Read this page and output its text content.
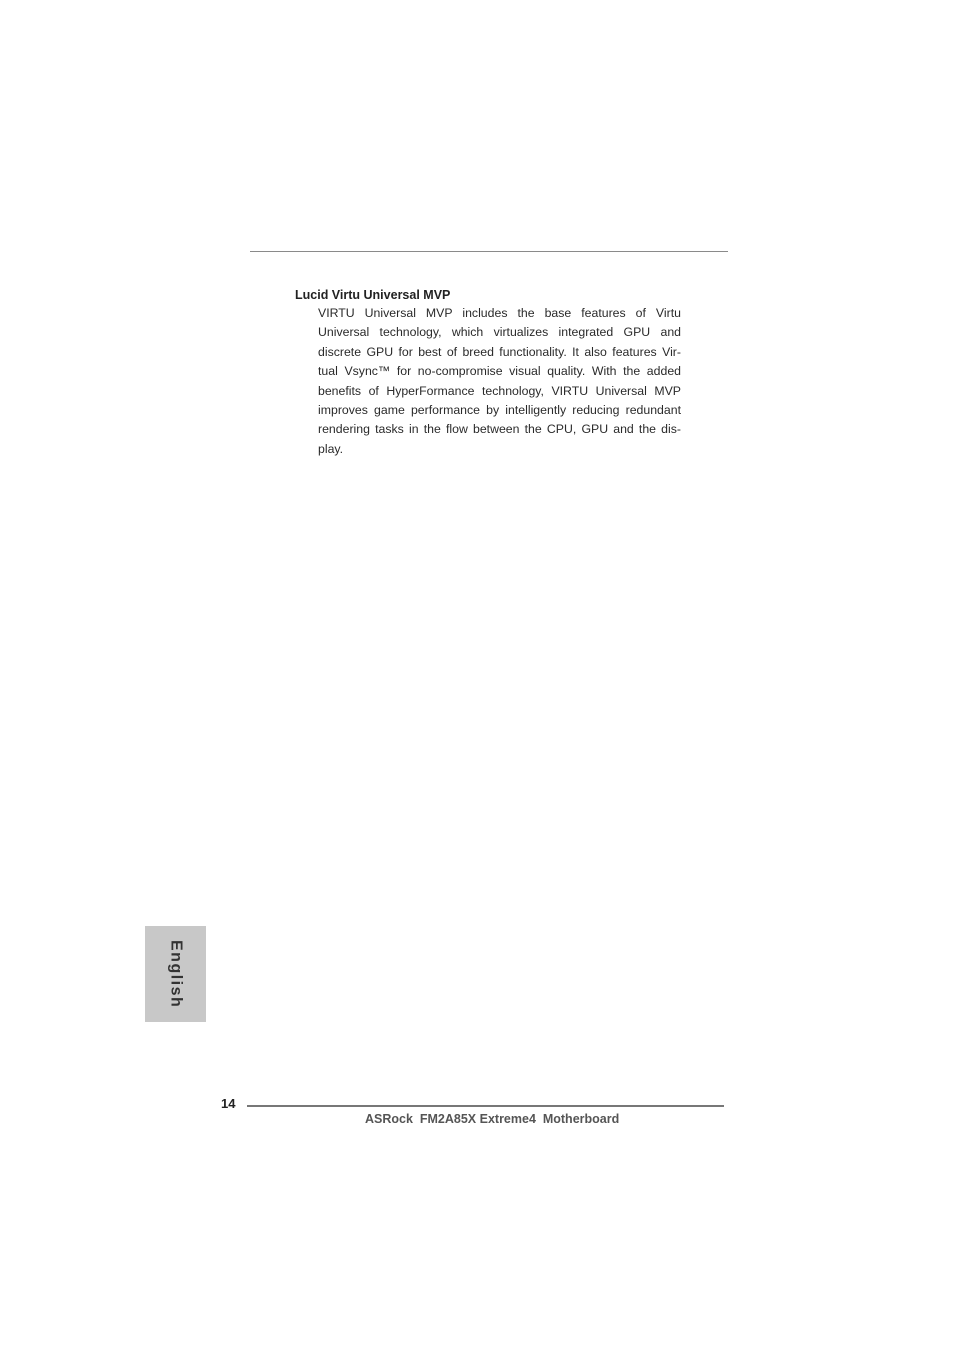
Lucid Virtu Universal MVP
VIRTU Universal MVP includes the base features of Virtu Universal technology, which virtualizes integrated GPU and discrete GPU for best of breed functionality. It also features Vir-tual Vsync™ for no-compromise visual quality. With the added benefits of HyperFormance technology, VIRTU Universal MVP improves game performance by intelligently reducing redundant rendering tasks in the flow between the CPU, GPU and the dis-play.
English
14
ASRock  FM2A85X Extreme4  Motherboard
